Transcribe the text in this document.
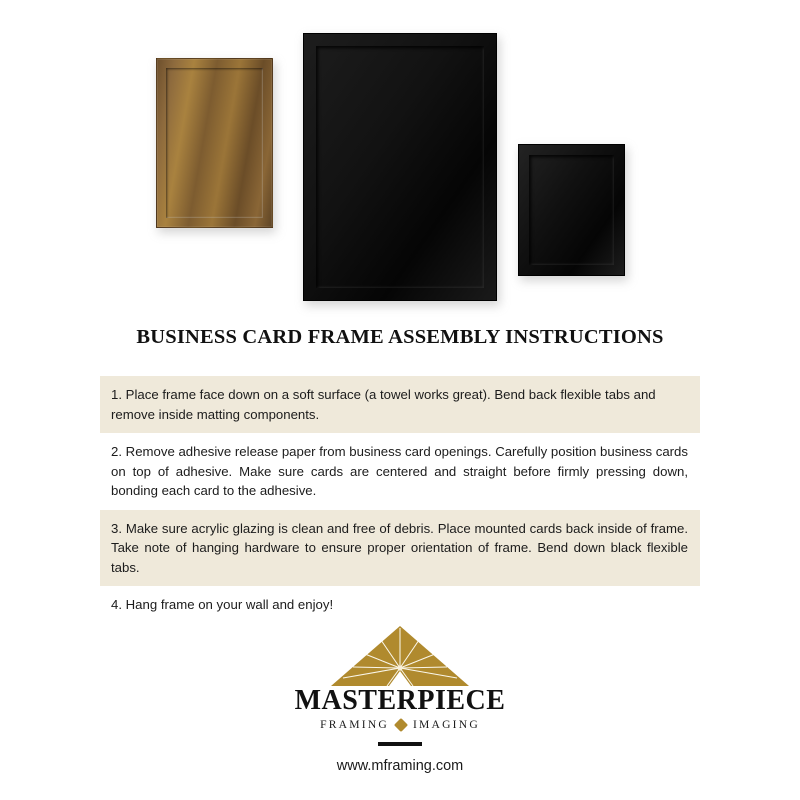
BUSINESS CARD FRAME ASSEMBLY INSTRUCTIONS
1. Place frame face down on a soft surface (a towel works great). Bend back flexible tabs and remove inside matting components.
2. Remove adhesive release paper from business card openings. Carefully position business cards on top of adhesive. Make sure cards are centered and straight before firmly pressing down, bonding each card to the adhesive.
3. Make sure acrylic glazing is clean and free of debris. Place mounted cards back inside of frame. Take note of hanging hardware to ensure proper orientation of frame. Bend down black flexible tabs.
4. Hang frame on your wall and enjoy!
MASTERPIECE
FRAMING IMAGING
www.mframing.com
